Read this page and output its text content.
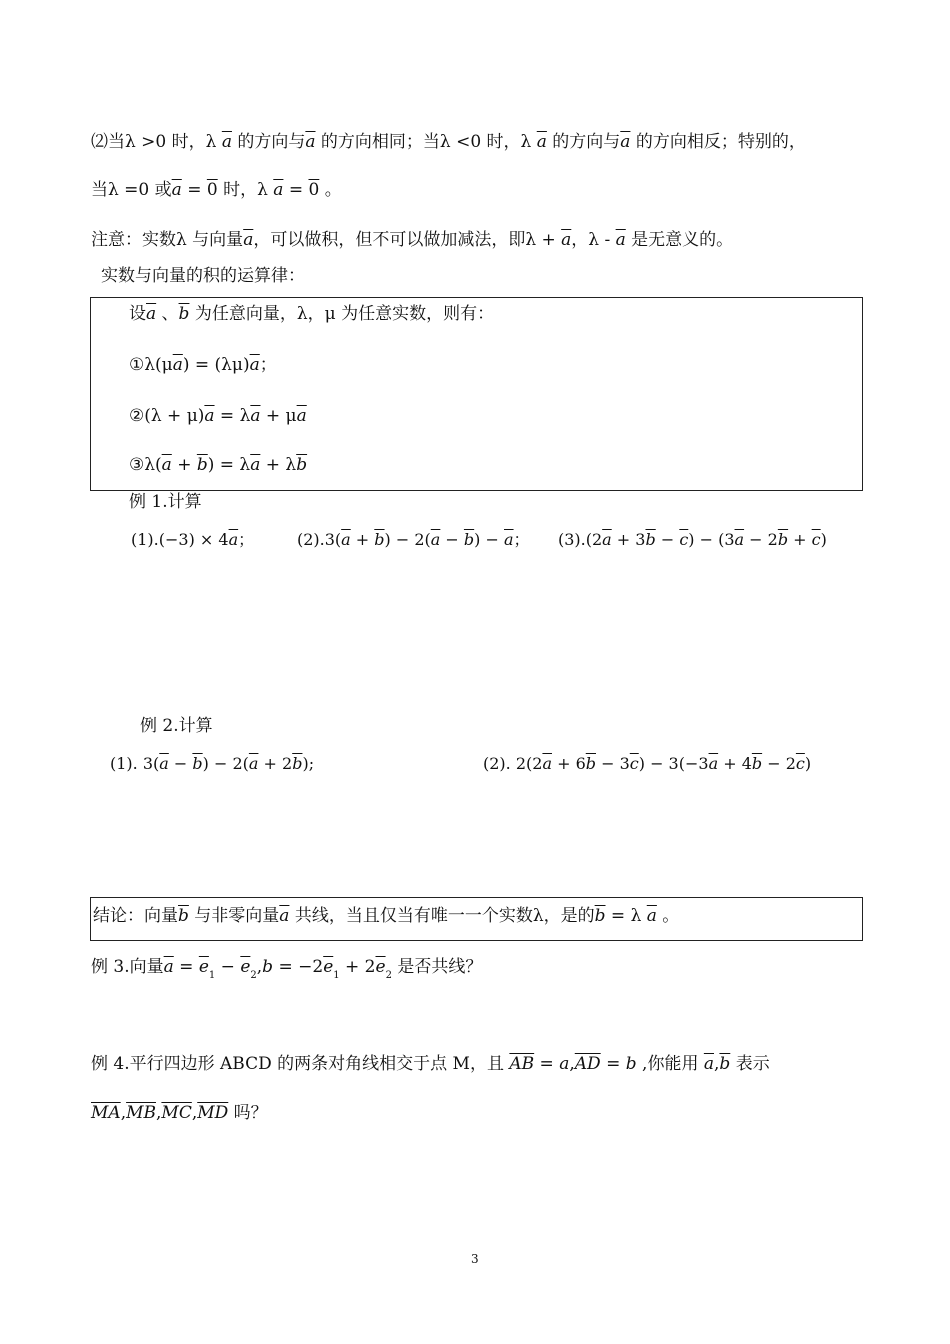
⑵当λ >0 时，λ $\overline{a}$ 的方向与$\overline{a}$ 的方向相同；当λ <0 时，λ $\overline{a}$ 的方向与$\overline{a}$ 的方向相反；特别的，
当λ =0 或$\overline{a} = 0$ 时，λ $\overline{a} = 0$ 。
注意：实数λ 与向量$\overline{a}$，可以做积，但不可以做加减法，即$\lambda + \overline{a}$，λ - $\overline{a}$ 是无意义的。
实数与向量的积的运算律：
设$\overline{a}$ 、$\overline{b}$ 为任意向量，λ，μ 为任意实数，则有：
$①\lambda(\mu\overline{a}) = (\lambda\mu)\overline{a}$；
②(λ + $\mu)\overline{a} = \lambda\overline{a} + \mu\overline{a}$
$③\lambda(\overline{a} + \overline{b}) = \lambda\overline{a} + \lambda\overline{b}$
例 1.计算
$(1).(-3) \times 4\overline{a}$；	$(2).3(\overline{a} + \overline{b}) - 2(\overline{a} - \overline{b}) - \overline{a}$； $(3).(2\overline{a} + 3\overline{b} - \overline{c}) - (3\overline{a} - 2\overline{b} + \overline{c})$
例 2.计算
(1). $3(\overline{a} - \overline{b}) - 2(\overline{a} + 2\overline{b})$;	(2). $2(2\overline{a} + 6\overline{b} - 3\overline{c}) - 3(-3\overline{a} + 4\overline{b} - 2\overline{c})$
结论：向量$\overline{b}$ 与非零向量$\overline{a}$ 共线，当且仅当有唯一一个实数λ，是的$\overline{b} = \lambda$ $\overline{a}$ 。
例 3.向量$\overline{a} = \overline{e}_1 - \overline{e}_2,b = -2\overline{e}_1 + 2\overline{e}_2$ 是否共线？
例 4.平行四边形 ABCD 的两条对角线相交于点 M，且 $\overline{AB} = a,\overline{AD} = b$ ,你能用 $\overline{a},\overline{b}$ 表示
$\overline{MA},\overline{MB},\overline{MC},\overline{MD}$ 吗？
3
